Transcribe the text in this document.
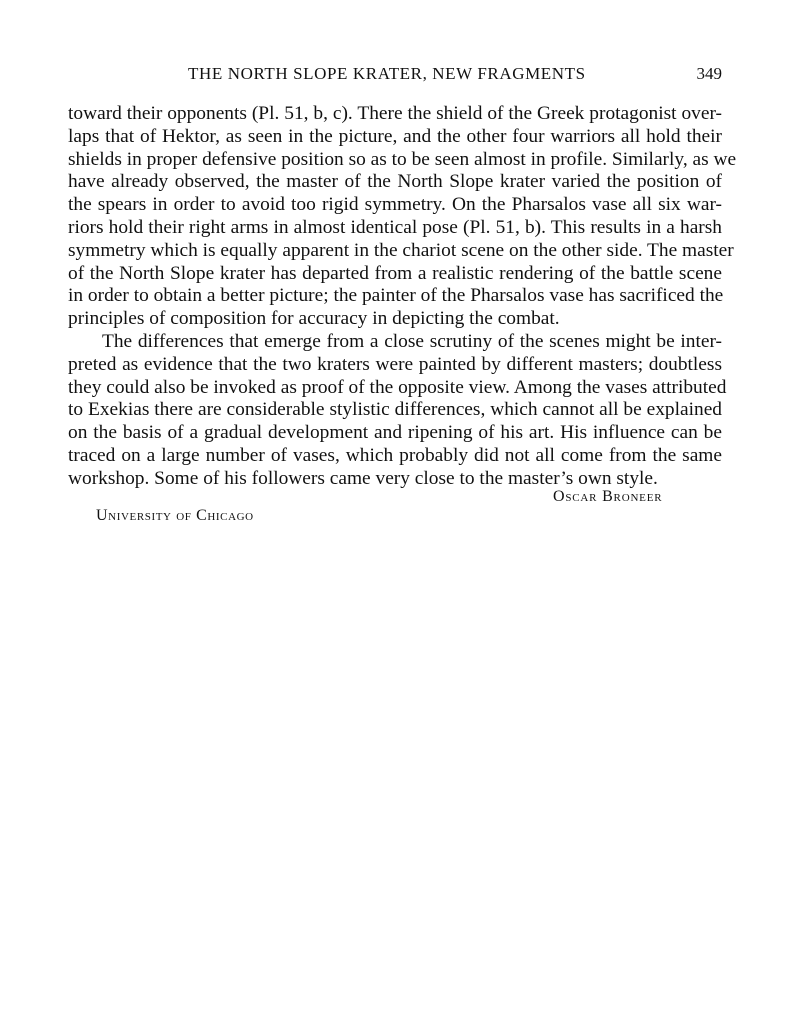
THE NORTH SLOPE KRATER, NEW FRAGMENTS	349
toward their opponents (Pl. 51, b, c). There the shield of the Greek protagonist over-
laps that of Hektor, as seen in the picture, and the other four warriors all hold their
shields in proper defensive position so as to be seen almost in profile. Similarly, as we
have already observed, the master of the North Slope krater varied the position of
the spears in order to avoid too rigid symmetry. On the Pharsalos vase all six war-
riors hold their right arms in almost identical pose (Pl. 51, b). This results in a harsh
symmetry which is equally apparent in the chariot scene on the other side. The master
of the North Slope krater has departed from a realistic rendering of the battle scene
in order to obtain a better picture; the painter of the Pharsalos vase has sacrificed the
principles of composition for accuracy in depicting the combat.
The differences that emerge from a close scrutiny of the scenes might be inter-
preted as evidence that the two kraters were painted by different masters; doubtless
they could also be invoked as proof of the opposite view. Among the vases attributed
to Exekias there are considerable stylistic differences, which cannot all be explained
on the basis of a gradual development and ripening of his art. His influence can be
traced on a large number of vases, which probably did not all come from the same
workshop. Some of his followers came very close to the master’s own style.
Oscar Broneer
University of Chicago
